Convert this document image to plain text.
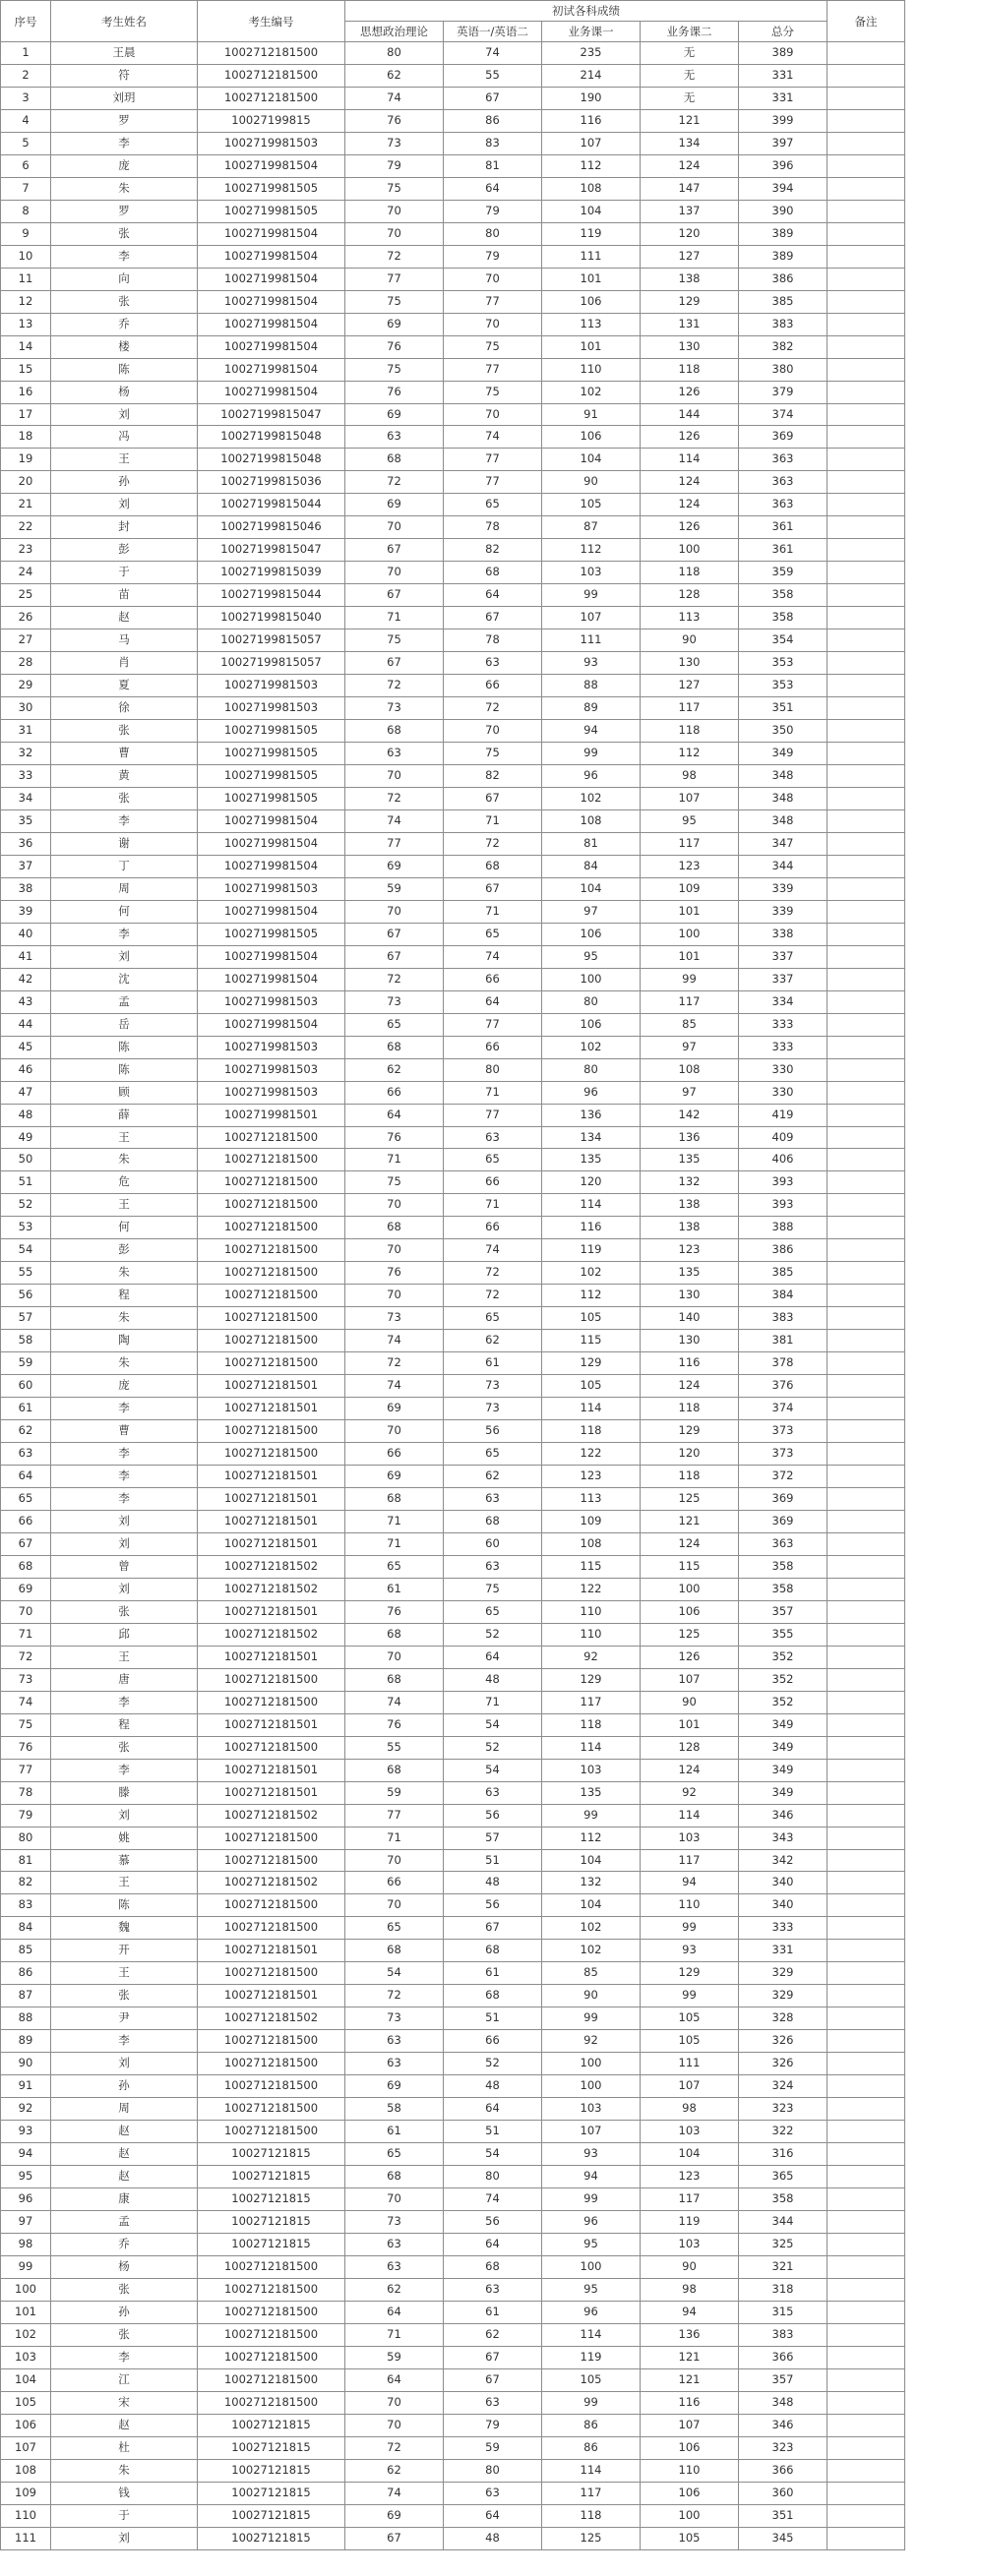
序号	考生姓名	考生编号	初试各科成绩					备注
			思想政治理论	英语一/英语二	业务课一	业务课二	总分	
1	王晨	1002712181500	80	74	235	无	389	
2	符	1002712181500	62	55	214	无	331	
3	刘玥	1002712181500	74	67	190	无	331	
4	罗	10027199815	76	86	116	121	399	
5	李	1002719981503	73	83	107	134	397	
6	庞	1002719981504	79	81	112	124	396	
7	朱	1002719981505	75	64	108	147	394	
8	罗	1002719981505	70	79	104	137	390	
9	张	1002719981504	70	80	119	120	389	
10	李	1002719981504	72	79	111	127	389	
11	向	1002719981504	77	70	101	138	386	
12	张	1002719981504	75	77	106	129	385	
13	乔	1002719981504	69	70	113	131	383	
14	楼	1002719981504	76	75	101	130	382	
15	陈	1002719981504	75	77	110	118	380	
16	杨	1002719981504	76	75	102	126	379	
17	刘	10027199815047	69	70	91	144	374	
18	冯	10027199815048	63	74	106	126	369	
19	王	10027199815048	68	77	104	114	363	
20	孙	10027199815036	72	77	90	124	363	
21	刘	10027199815044	69	65	105	124	363	
22	封	10027199815046	70	78	87	126	361	
23	彭	10027199815047	67	82	112	100	361	
24	于	10027199815039	70	68	103	118	359	
25	苗	10027199815044	67	64	99	128	358	
26	赵	10027199815040	71	67	107	113	358	
27	马	10027199815057	75	78	111	90	354	
28	肖	10027199815057	67	63	93	130	353	
29	夏	1002719981503	72	66	88	127	353	
30	徐	1002719981503	73	72	89	117	351	
31	张	1002719981505	68	70	94	118	350	
32	曹	1002719981505	63	75	99	112	349	
33	黄	1002719981505	70	82	96	98	348	
34	张	1002719981505	72	67	102	107	348	
35	李	1002719981504	74	71	108	95	348	
36	谢	1002719981504	77	72	81	117	347	
37	丁	1002719981504	69	68	84	123	344	
38	周	1002719981503	59	67	104	109	339	
39	何	1002719981504	70	71	97	101	339	
40	李	1002719981505	67	65	106	100	338	
41	刘	1002719981504	67	74	95	101	337	
42	沈	1002719981504	72	66	100	99	337	
43	孟	1002719981503	73	64	80	117	334	
44	岳	1002719981504	65	77	106	85	333	
45	陈	1002719981503	68	66	102	97	333	
46	陈	1002719981503	62	80	80	108	330	
47	顾	1002719981503	66	71	96	97	330	
48	薛	1002719981501	64	77	136	142	419	
49	王	1002712181500	76	63	134	136	409	
50	朱	1002712181500	71	65	135	135	406	
51	危	1002712181500	75	66	120	132	393	
52	王	1002712181500	70	71	114	138	393	
53	何	1002712181500	68	66	116	138	388	
54	彭	1002712181500	70	74	119	123	386	
55	朱	1002712181500	76	72	102	135	385	
56	程	1002712181500	70	72	112	130	384	
57	朱	1002712181500	73	65	105	140	383	
58	陶	1002712181500	74	62	115	130	381	
59	朱	1002712181500	72	61	129	116	378	
60	庞	1002712181501	74	73	105	124	376	
61	李	1002712181501	69	73	114	118	374	
62	曹	1002712181500	70	56	118	129	373	
63	李	1002712181500	66	65	122	120	373	
64	李	1002712181501	69	62	123	118	372	
65	李	1002712181501	68	63	113	125	369	
66	刘	1002712181501	71	68	109	121	369	
67	刘	1002712181501	71	60	108	124	363	
68	曾	1002712181502	65	63	115	115	358	
69	刘	1002712181502	61	75	122	100	358	
70	张	1002712181501	76	65	110	106	357	
71	邱	1002712181502	68	52	110	125	355	
72	王	1002712181501	70	64	92	126	352	
73	唐	1002712181500	68	48	129	107	352	
74	李	1002712181500	74	71	117	90	352	
75	程	1002712181501	76	54	118	101	349	
76	张	1002712181500	55	52	114	128	349	
77	李	1002712181501	68	54	103	124	349	
78	滕	1002712181501	59	63	135	92	349	
79	刘	1002712181502	77	56	99	114	346	
80	姚	1002712181500	71	57	112	103	343	
81	慕	1002712181500	70	51	104	117	342	
82	王	1002712181502	66	48	132	94	340	
83	陈	1002712181500	70	56	104	110	340	
84	魏	1002712181500	65	67	102	99	333	
85	开	1002712181501	68	68	102	93	331	
86	王	1002712181500	54	61	85	129	329	
87	张	1002712181501	72	68	90	99	329	
88	尹	1002712181502	73	51	99	105	328	
89	李	1002712181500	63	66	92	105	326	
90	刘	1002712181500	63	52	100	111	326	
91	孙	1002712181500	69	48	100	107	324	
92	周	1002712181500	58	64	103	98	323	
93	赵	1002712181500	61	51	107	103	322	
94	赵	10027121815	65	54	93	104	316	
95	赵	10027121815	68	80	94	123	365	
96	康	10027121815	70	74	99	117	358	
97	孟	10027121815	73	56	96	119	344	
98	乔	10027121815	63	64	95	103	325	
99	杨	1002712181500	63	68	100	90	321	
100	张	1002712181500	62	63	95	98	318	
101	孙	1002712181500	64	61	96	94	315	
102	张	1002712181500	71	62	114	136	383	
103	李	1002712181500	59	67	119	121	366	
104	江	1002712181500	64	67	105	121	357	
105	宋	1002712181500	70	63	99	116	348	
106	赵	10027121815	70	79	86	107	346	
107	杜	10027121815	72	59	86	106	323	
108	朱	10027121815	62	80	114	110	366	
109	钱	10027121815	74	63	117	106	360	
110	于	10027121815	69	64	118	100	351	
111	刘	10027121815	67	48	125	105	345	
